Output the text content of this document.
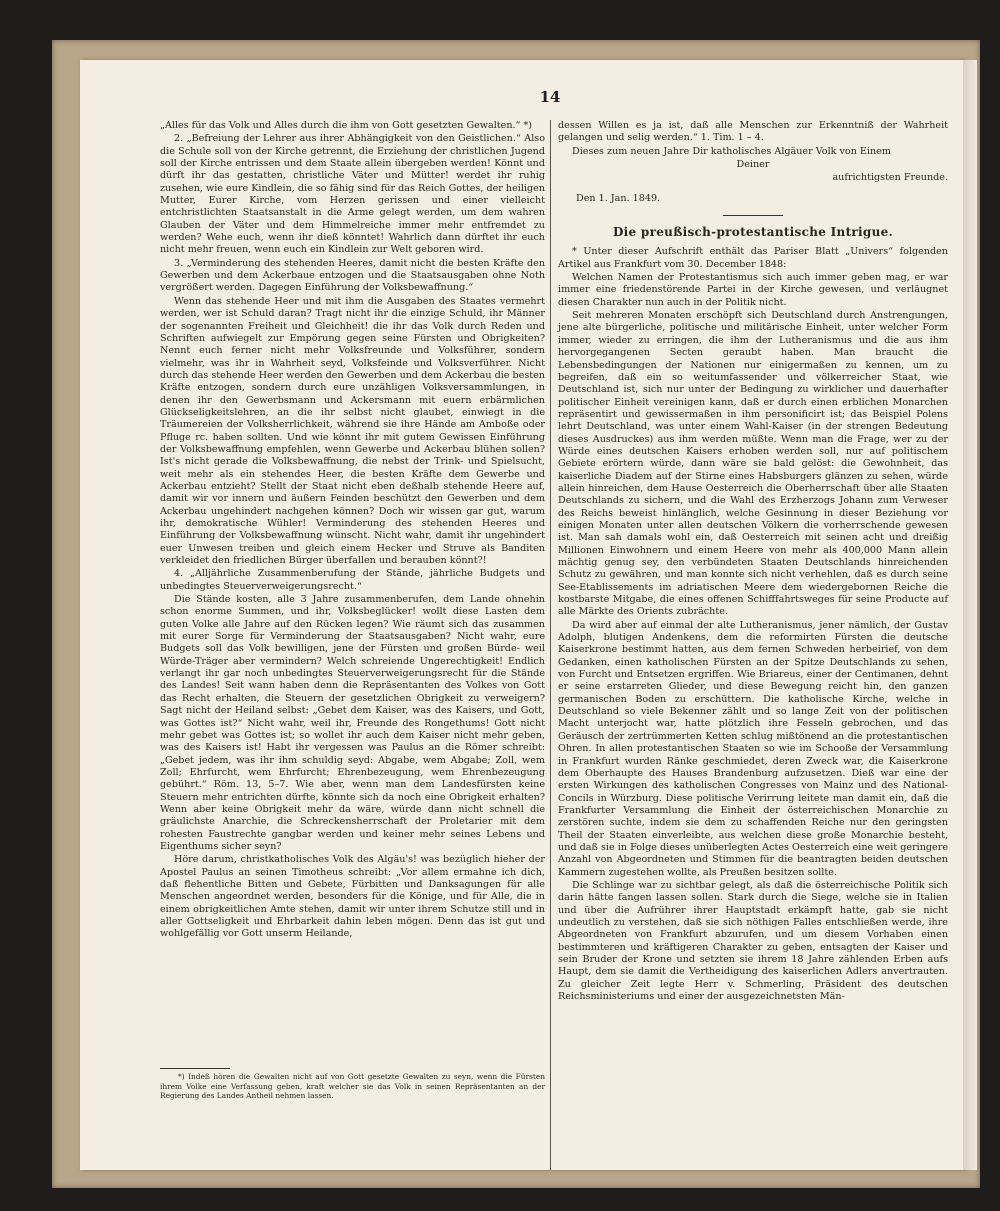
14

„Alles für das Volk und Alles durch die ihm von Gott gesetzten Gewalten.“ *)

2. „Befreiung der Lehrer aus ihrer Abhängigkeit von den Geistlichen.“ Also die Schule soll von der Kirche getrennt, die Erziehung der christlichen Jugend soll der Kirche entrissen und dem Staate allein übergeben werden! Könnt und dürft ihr das gestatten, christliche Väter und Mütter! werdet ihr ruhig zusehen, wie eure Kindlein, die so fähig sind für das Reich Gottes, der heiligen Mutter, Eurer Kirche, vom Herzen gerissen und einer vielleicht entchristlichten Staatsanstalt in die Arme gelegt werden, um dem wahren Glauben der Väter und dem Himmelreiche immer mehr entfremdet zu werden? Wehe euch, wenn ihr dieß könntet! Wahrlich dann dürftet ihr euch nicht mehr freuen, wenn euch ein Kindlein zur Welt geboren wird.

3. „Verminderung des stehenden Heeres, damit nicht die besten Kräfte den Gewerben und dem Ackerbaue entzogen und die Staatsausgaben ohne Noth vergrößert werden. Dagegen Einführung der Volksbewaffnung.“

Wenn das stehende Heer und mit ihm die Ausgaben des Staates vermehrt werden, wer ist Schuld daran? Tragt nicht ihr die einzige Schuld, ihr Männer der sogenannten Freiheit und Gleichheit! die ihr das Volk durch Reden und Schriften aufwiegelt zur Empörung gegen seine Fürsten und Obrigkeiten? Nennt euch ferner nicht mehr Volksfreunde und Volksführer, sondern vielmehr, was ihr in Wahrheit seyd, Volksfeinde und Volksverführer. Nicht durch das stehende Heer werden den Gewerben und dem Ackerbau die besten Kräfte entzogen, sondern durch eure unzähligen Volksversammlungen, in denen ihr den Gewerbsmann und Ackersmann mit euern erbärmlichen Glückseligkeitslehren, an die ihr selbst nicht glaubet, einwiegt in die Träumereien der Volksherrlichkeit, während sie ihre Hände am Amboße oder Pfluge rc. haben sollten. Und wie könnt ihr mit gutem Gewissen Einführung der Volksbewaffnung empfehlen, wenn Gewerbe und Ackerbau blühen sollen? Ist's nicht gerade die Volksbewaffnung, die nebst der Trink- und Spielsucht, weit mehr als ein stehendes Heer, die besten Kräfte dem Gewerbe und Ackerbau entzieht? Stellt der Staat nicht eben deßhalb stehende Heere auf, damit wir vor innern und äußern Feinden beschützt den Gewerben und dem Ackerbau ungehindert nachgehen können? Doch wir wissen gar gut, warum ihr, demokratische Wühler! Verminderung des stehenden Heeres und Einführung der Volksbewaffnung wünscht. Nicht wahr, damit ihr ungehindert euer Unwesen treiben und gleich einem Hecker und Struve als Banditen verkleidet den friedlichen Bürger überfallen und berauben könnt?!

4. „Alljährliche Zusammenberufung der Stände, jährliche Budgets und unbedingtes Steuerverweigerungsrecht.“

Die Stände kosten, alle 3 Jahre zusammenberufen, dem Lande ohnehin schon enorme Summen, und ihr, Volksbeglücker! wollt diese Lasten dem guten Volke alle Jahre auf den Rücken legen? Wie räumt sich das zusammen mit eurer Sorge für Verminderung der Staatsausgaben? Nicht wahr, eure Budgets soll das Volk bewilligen, jene der Fürsten und großen Bürde- weil Würde-Träger aber vermindern? Welch schreiende Ungerechtigkeit! Endlich verlangt ihr gar noch unbedingtes Steuerverweigerungsrecht für die Stände des Landes! Seit wann haben denn die Repräsentanten des Volkes von Gott das Recht erhalten, die Steuern der gesetzlichen Obrigkeit zu verweigern? Sagt nicht der Heiland selbst: „Gebet dem Kaiser, was des Kaisers, und Gott, was Gottes ist?“ Nicht wahr, weil ihr, Freunde des Rongethums! Gott nicht mehr gebet was Gottes ist; so wollet ihr auch dem Kaiser nicht mehr geben, was des Kaisers ist! Habt ihr vergessen was Paulus an die Römer schreibt: „Gebet jedem, was ihr ihm schuldig seyd: Abgabe, wem Abgabe; Zoll, wem Zoll; Ehrfurcht, wem Ehrfurcht; Ehrenbezeugung, wem Ehrenbezeugung gebührt.“ Röm. 13, 5–7. Wie aber, wenn man dem Landesfürsten keine Steuern mehr entrichten dürfte, könnte sich da noch eine Obrigkeit erhalten? Wenn aber keine Obrigkeit mehr da wäre, würde dann nicht schnell die gräulichste Anarchie, die Schreckensherrschaft der Proletarier mit dem rohesten Faustrechte gangbar werden und keiner mehr seines Lebens und Eigenthums sicher seyn?

Höre darum, christkatholisches Volk des Algäu's! was bezüglich hieher der Apostel Paulus an seinen Timotheus schreibt: „Vor allem ermahne ich dich, daß flehentliche Bitten und Gebete, Fürbitten und Danksagungen für alle Menschen angeordnet werden, besonders für die Könige, und für Alle, die in einem obrigkeitlichen Amte stehen, damit wir unter ihrem Schutze still und in aller Gottseligkeit und Ehrbarkeit dahin leben mögen. Denn das ist gut und wohlgefällig vor Gott unserm Heilande,

*) Indeß hören die Gewalten nicht auf von Gott gesetzte Gewalten zu seyn, wenn die Fürsten ihrem Volke eine Verfassung geben, kraft welcher sie das Volk in seinen Repräsentanten an der Regierung des Landes Antheil nehmen lassen.

dessen Willen es ja ist, daß alle Menschen zur Erkenntniß der Wahrheit gelangen und selig werden.“ 1. Tim. 1 – 4.

Dieses zum neuen Jahre Dir katholisches Algäuer Volk von Einem

Deiner

aufrichtigsten Freunde.

Den 1. Jan. 1849.

Die preußisch-protestantische Intrigue.

* Unter dieser Aufschrift enthält das Pariser Blatt „Univers“ folgenden Artikel aus Frankfurt vom 30. December 1848:

Welchen Namen der Protestantismus sich auch immer geben mag, er war immer eine friedenstörende Partei in der Kirche gewesen, und verläugnet diesen Charakter nun auch in der Politik nicht.

Seit mehreren Monaten erschöpft sich Deutschland durch Anstrengungen, jene alte bürgerliche, politische und militärische Einheit, unter welcher Form immer, wieder zu erringen, die ihm der Lutheranismus und die aus ihm hervorgegangenen Secten geraubt haben. Man braucht die Lebensbedingungen der Nationen nur einigermaßen zu kennen, um zu begreifen, daß ein so weitumfassender und völkerreicher Staat, wie Deutschland ist, sich nur unter der Bedingung zu wirklicher und dauerhafter politischer Einheit vereinigen kann, daß er durch einen erblichen Monarchen repräsentirt und gewissermaßen in ihm personificirt ist; das Beispiel Polens lehrt Deutschland, was unter einem Wahl-Kaiser (in der strengen Bedeutung dieses Ausdruckes) aus ihm werden müßte. Wenn man die Frage, wer zu der Würde eines deutschen Kaisers erhoben werden soll, nur auf politischem Gebiete erörtern würde, dann wäre sie bald gelöst: die Gewohnheit, das kaiserliche Diadem auf der Stirne eines Habsburgers glänzen zu sehen, würde allein hinreichen, dem Hause Oesterreich die Oberherrschaft über alle Staaten Deutschlands zu sichern, und die Wahl des Erzherzogs Johann zum Verweser des Reichs beweist hinlänglich, welche Gesinnung in dieser Beziehung vor einigen Monaten unter allen deutschen Völkern die vorherrschende gewesen ist. Man sah damals wohl ein, daß Oesterreich mit seinen acht und dreißig Millionen Einwohnern und einem Heere von mehr als 400,000 Mann allein mächtig genug sey, den verbündeten Staaten Deutschlands hinreichenden Schutz zu gewähren, und man konnte sich nicht verhehlen, daß es durch seine See-Etablissements im adriatischen Meere dem wiedergebornen Reiche die kostbarste Mitgabe, die eines offenen Schifffahrtsweges für seine Producte auf alle Märkte des Orients zubrächte.

Da wird aber auf einmal der alte Lutheranismus, jener nämlich, der Gustav Adolph, blutigen Andenkens, dem die reformirten Fürsten die deutsche Kaiserkrone bestimmt hatten, aus dem fernen Schweden herbeirief, von dem Gedanken, einen katholischen Fürsten an der Spitze Deutschlands zu sehen, von Furcht und Entsetzen ergriffen. Wie Briareus, einer der Centimanen, dehnt er seine erstarreten Glieder, und diese Bewegung reicht hin, den ganzen germanischen Boden zu erschüttern. Die katholische Kirche, welche in Deutschland so viele Bekenner zählt und so lange Zeit von der politischen Macht unterjocht war, hatte plötzlich ihre Fesseln gebrochen, und das Geräusch der zertrümmerten Ketten schlug mißtönend an die protestantischen Ohren. In allen protestantischen Staaten so wie im Schooße der Versammlung in Frankfurt wurden Ränke geschmiedet, deren Zweck war, die Kaiserkrone dem Oberhaupte des Hauses Brandenburg aufzusetzen. Dieß war eine der ersten Wirkungen des katholischen Congresses von Mainz und des National-Concils in Würzburg. Diese politische Verirrung leitete man damit ein, daß die Frankfurter Versammlung die Einheit der österreichischen Monarchie zu zerstören suchte, indem sie dem zu schaffenden Reiche nur den geringsten Theil der Staaten einverleibte, aus welchen diese große Monarchie besteht, und daß sie in Folge dieses unüberlegten Actes Oesterreich eine weit geringere Anzahl von Abgeordneten und Stimmen für die beantragten beiden deutschen Kammern zugestehen wollte, als Preußen besitzen sollte.

Die Schlinge war zu sichtbar gelegt, als daß die österreichische Politik sich darin hätte fangen lassen sollen. Stark durch die Siege, welche sie in Italien und über die Aufrührer ihrer Hauptstadt erkämpft hatte, gab sie nicht undeutlich zu verstehen, daß sie sich nöthigen Falles entschließen werde, ihre Abgeordneten von Frankfurt abzurufen, und um diesem Vorhaben einen bestimmteren und kräftigeren Charakter zu geben, entsagten der Kaiser und sein Bruder der Krone und setzten sie ihrem 18 Jahre zählenden Erben aufs Haupt, dem sie damit die Vertheidigung des kaiserlichen Adlers anvertrauten. Zu gleicher Zeit legte Herr v. Schmerling, Präsident des deutschen Reichsministeriums und einer der ausgezeichnetsten Män-
